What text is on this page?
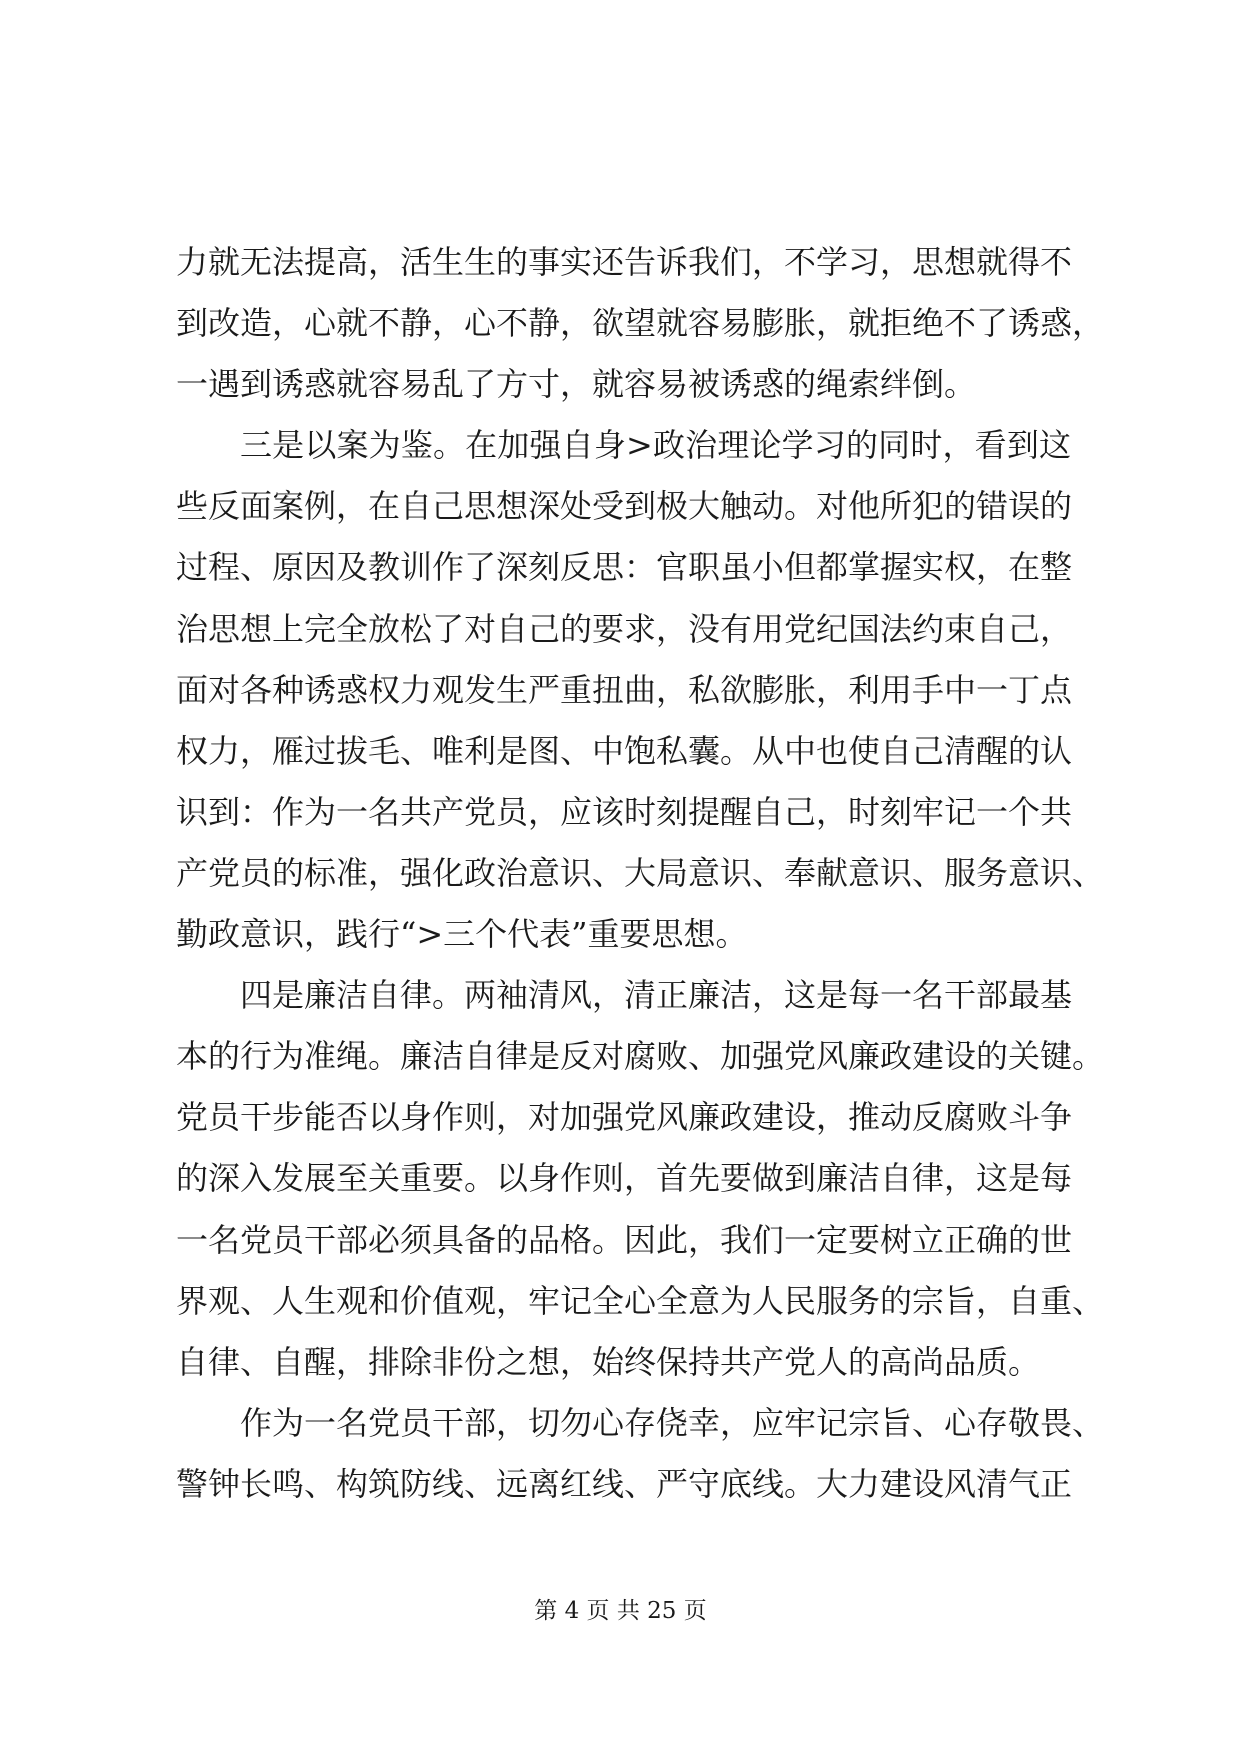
力就无法提高，活生生的事实还告诉我们，不学习，思想就得不
到改造，心就不静，心不静，欲望就容易膨胀，就拒绝不了诱惑，
一遇到诱惑就容易乱了方寸，就容易被诱惑的绳索绊倒。
三是以案为鉴。在加强自身>政治理论学习的同时，看到这
些反面案例，在自己思想深处受到极大触动。对他所犯的错误的
过程、原因及教训作了深刻反思：官职虽小但都掌握实权，在整
治思想上完全放松了对自己的要求，没有用党纪国法约束自己，
面对各种诱惑权力观发生严重扭曲，私欲膨胀，利用手中一丁点
权力，雁过拔毛、唯利是图、中饱私囊。从中也使自己清醒的认
识到：作为一名共产党员，应该时刻提醒自己，时刻牢记一个共
产党员的标准，强化政治意识、大局意识、奉献意识、服务意识、
勤政意识，践行“>三个代表”重要思想。
四是廉洁自律。两袖清风，清正廉洁，这是每一名干部最基
本的行为准绳。廉洁自律是反对腐败、加强党风廉政建设的关键。
党员干步能否以身作则，对加强党风廉政建设，推动反腐败斗争
的深入发展至关重要。以身作则，首先要做到廉洁自律，这是每
一名党员干部必须具备的品格。因此，我们一定要树立正确的世
界观、人生观和价值观，牢记全心全意为人民服务的宗旨，自重、
自律、自醒，排除非份之想，始终保持共产党人的高尚品质。
作为一名党员干部，切勿心存侥幸，应牢记宗旨、心存敬畏、
警钟长鸣、构筑防线、远离红线、严守底线。大力建设风清气正
第 4 页 共 25 页
